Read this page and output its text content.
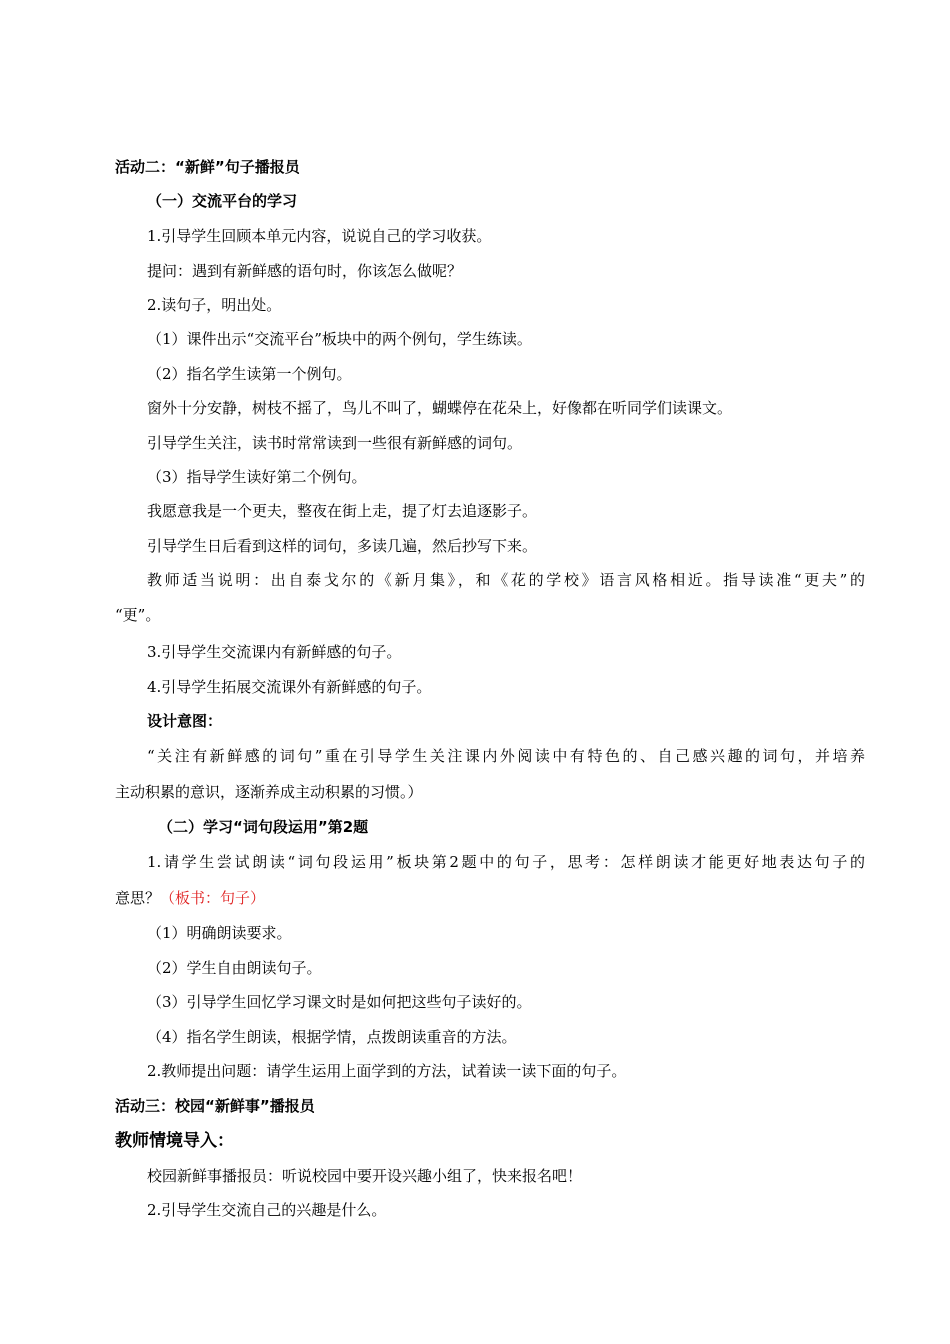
活动二：“新鲜”句子播报员
（一）交流平台的学习
1.引导学生回顾本单元内容，说说自己的学习收获。
提问：遇到有新鲜感的语句时，你该怎么做呢？
2.读句子，明出处。
（1）课件出示“交流平台”板块中的两个例句，学生练读。
（2）指名学生读第一个例句。
窗外十分安静，树枝不摇了，鸟儿不叫了，蝴蝶停在花朵上，好像都在听同学们读课文。
引导学生关注，读书时常常读到一些很有新鲜感的词句。
（3）指导学生读好第二个例句。
我愿意我是一个更夫，整夜在街上走，提了灯去追逐影子。
引导学生日后看到这样的词句，多读几遍，然后抄写下来。
教师适当说明：出自泰戈尔的《新月集》，和《花的学校》语言风格相近。指导读准“更夫”的
“更”。
3.引导学生交流课内有新鲜感的句子。
4.引导学生拓展交流课外有新鲜感的句子。
设计意图：
“关注有新鲜感的词句”重在引导学生关注课内外阅读中有特色的、自己感兴趣的词句，并培养
主动积累的意识，逐渐养成主动积累的习惯。）
（二）学习“词句段运用”第2题
1.请学生尝试朗读“词句段运用”板块第2题中的句子，思考：怎样朗读才能更好地表达句子的
意思？（板书：句子）
（1）明确朗读要求。
（2）学生自由朗读句子。
（3）引导学生回忆学习课文时是如何把这些句子读好的。
（4）指名学生朗读，根据学情，点拨朗读重音的方法。
2.教师提出问题：请学生运用上面学到的方法，试着读一读下面的句子。
活动三：校园“新鲜事”播报员
教师情境导入：
校园新鲜事播报员：听说校园中要开设兴趣小组了，快来报名吧！
2.引导学生交流自己的兴趣是什么。
